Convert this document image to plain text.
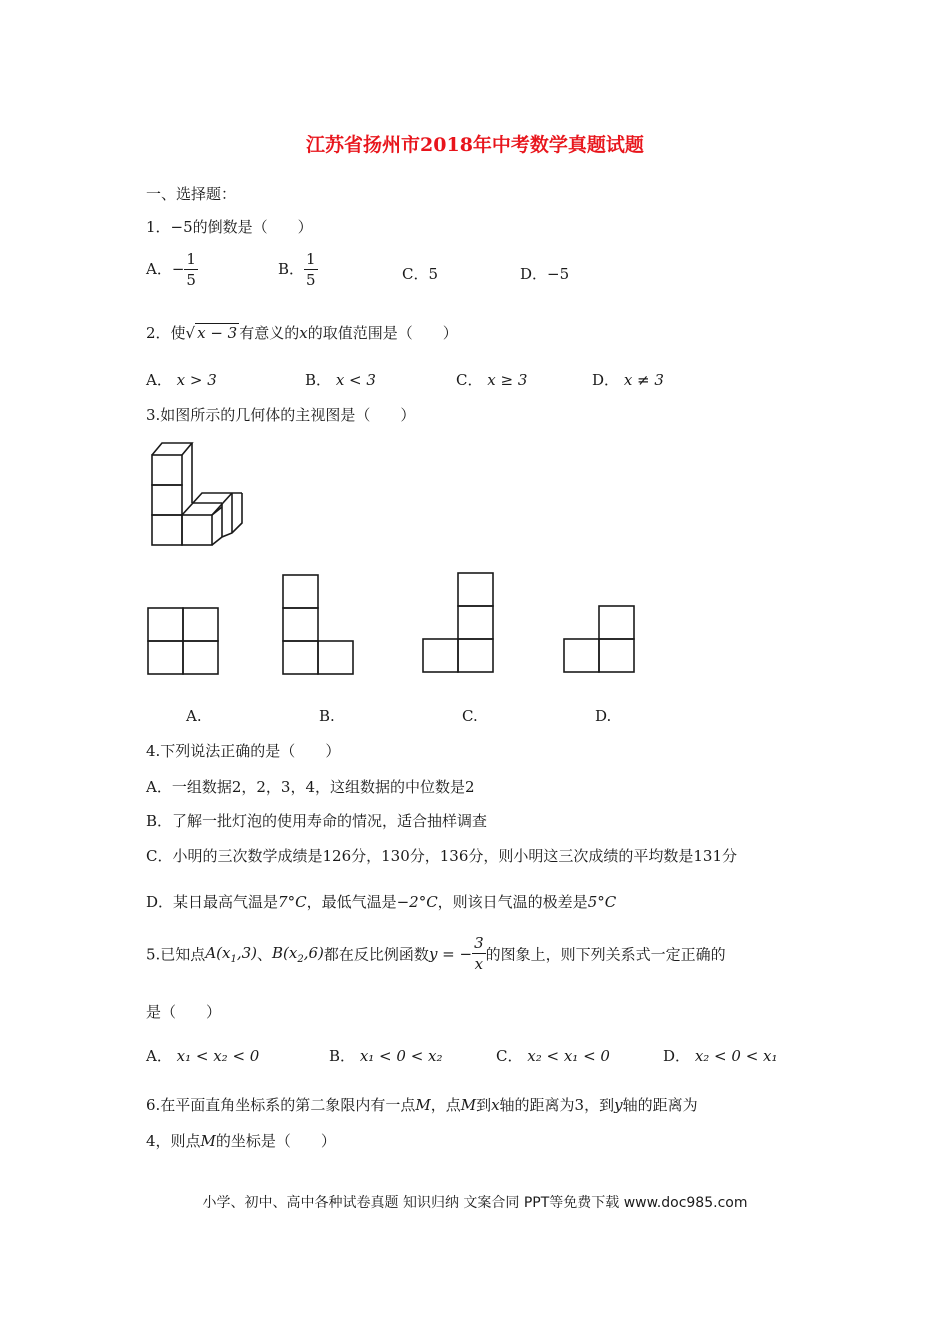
江苏省扬州市2018年中考数学真题试题
一、选择题：
1．−5的倒数是（　　）
A．− $\frac{1}{5}$	B． $\frac{1}{5}$	C．5	D．−5
2．使√ x − 3 有意义的x的取值范围是（　　）
A． x > 3	B． x < 3	C． x ≥ 3	D． x ≠ 3
3.如图所示的几何体的主视图是（　　）
A.	B.	C.	D.
4.下列说法正确的是（　　）
A．一组数据2，2，3，4，这组数据的中位数是2
B．了解一批灯泡的使用寿命的情况，适合抽样调查
C．小明的三次数学成绩是126分，130分，136分，则小明这三次成绩的平均数是131分
D．某日最高气温是7°C，最低气温是−2°C，则该日气温的极差是5°C
5.已知点$A(x_1,3)$、$B(x_2,6)$都在反比例函数y = − $\frac{3}{x}$ 的图象上，则下列关系式一定正确的
是（　　）
A． x₁ < x₂ < 0	B． x₁ < 0 < x₂	C． x₂ < x₁ < 0	D． x₂ < 0 < x₁
6.在平面直角坐标系的第二象限内有一点M，点M到x轴的距离为3，到y轴的距离为
4，则点M的坐标是（　　）
小学、初中、高中各种试卷真题 知识归纳 文案合同 PPT等免费下载 www.doc985.com
